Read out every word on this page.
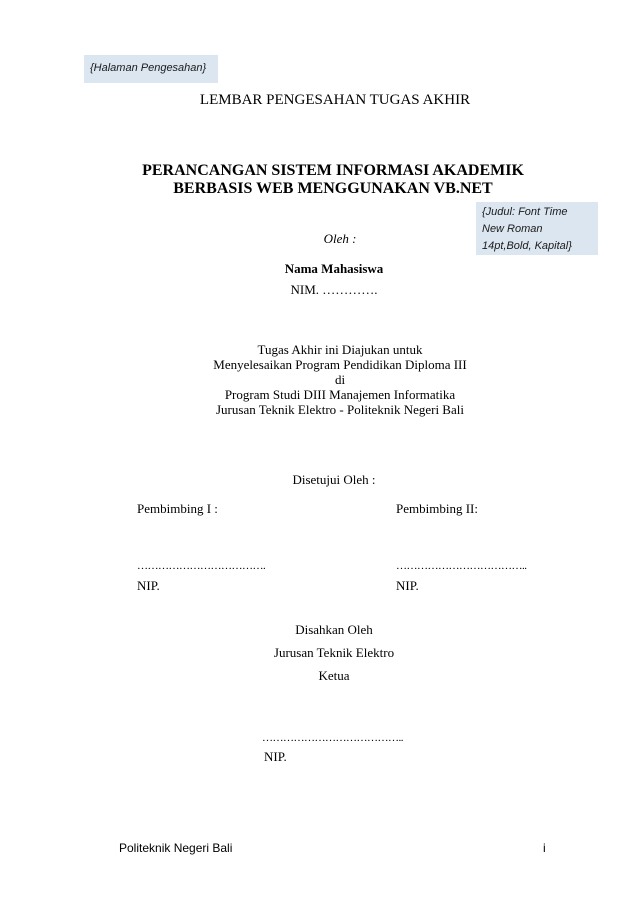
{Halaman Pengesahan}
{Judul: Font Time New Roman 14pt,Bold, Kapital}
LEMBAR PENGESAHAN TUGAS AKHIR
PERANCANGAN SISTEM INFORMASI AKADEMIK
BERBASIS WEB MENGGUNAKAN VB.NET
Oleh :
Nama Mahasiswa
NIM. ………….
Tugas Akhir ini Diajukan untuk
Menyelesaikan Program Pendidikan Diploma III
di
Program Studi DIII Manajemen Informatika
Jurusan Teknik Elektro - Politeknik Negeri Bali
Disetujui Oleh :
Pembimbing I :	Pembimbing II:
……………………………….	………………………………..
NIP.	NIP.
Disahkan Oleh
Jurusan Teknik Elektro
Ketua
…………………………………..
NIP.
Politeknik Negeri Bali	i
